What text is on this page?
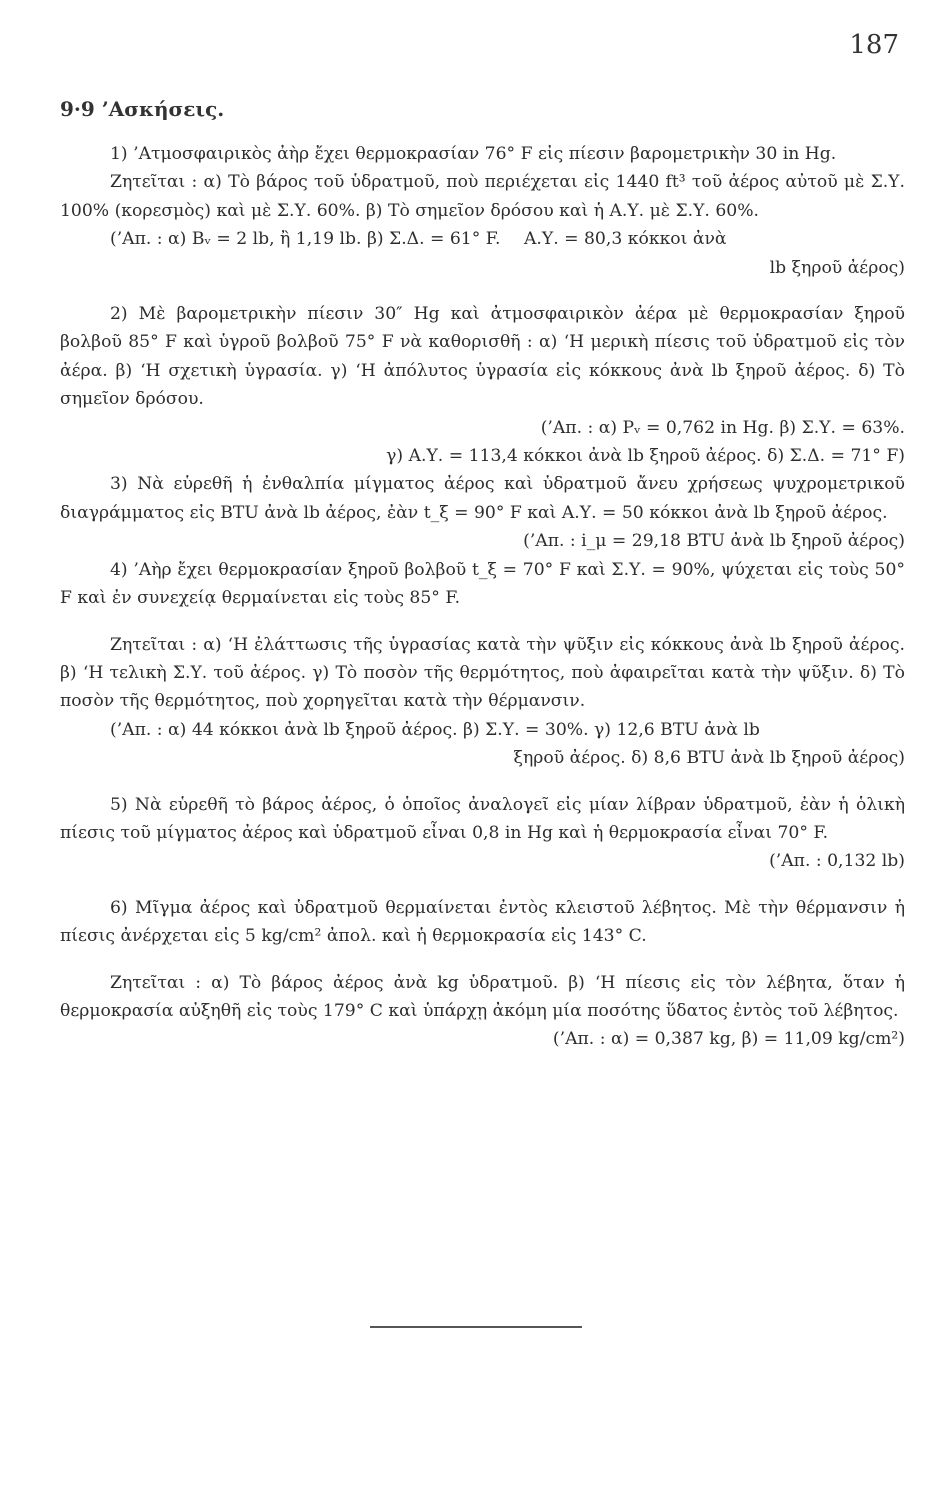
187
9·9 ’Ασκήσεις.

1) ’Ατμοσφαιρικὸς ἀὴρ ἔχει θερμοκρασίαν 76° F εἰς πίεσιν βαρομετρικὴν 30 in Hg.

Ζητεῖται : α) Τὸ βάρος τοῦ ὑδρατμοῦ, ποὺ περιέχεται εἰς 1440 ft³ τοῦ ἀέρος αὐτοῦ μὲ Σ.Υ. 100% (κορεσμὸς) καὶ μὲ Σ.Υ. 60%. β) Τὸ σημεῖον δρόσου καὶ ἡ Α.Υ. μὲ Σ.Υ. 60%.

(’Απ. : α) Bᵥ = 2 lb, ἢ 1,19 lb. β) Σ.Δ. = 61° F. Α.Υ. = 80,3 κόκκοι ἀνὰ

lb ξηροῦ ἀέρος)

2) Μὲ βαρομετρικὴν πίεσιν 30″ Hg καὶ ἀτμοσφαιρικὸν ἀέρα μὲ θερμοκρασίαν ξηροῦ βολβοῦ 85° F καὶ ὑγροῦ βολβοῦ 75° F νὰ καθορισθῆ : α) ‘Η μερικὴ πίεσις τοῦ ὑδρατμοῦ εἰς τὸν ἀέρα. β) ‘Η σχετικὴ ὑγρασία. γ) ‘Η ἀπόλυτος ὑγρασία εἰς κόκκους ἀνὰ lb ξηροῦ ἀέρος. δ) Τὸ σημεῖον δρόσου.

(’Απ. : α) Pᵥ = 0,762 in Hg. β) Σ.Υ. = 63%.

γ) Α.Υ. = 113,4 κόκκοι ἀνὰ lb ξηροῦ ἀέρος. δ) Σ.Δ. = 71° F)

3) Νὰ εὑρεθῆ ἡ ἐνθαλπία μίγματος ἀέρος καὶ ὑδρατμοῦ ἄνευ χρήσεως ψυχρομετρικοῦ διαγράμματος εἰς BTU ἀνὰ lb ἀέρος, ἐὰν t_ξ = 90° F καὶ Α.Υ. = 50 κόκκοι ἀνὰ lb ξηροῦ ἀέρος.

(’Απ. : i_μ = 29,18 BTU ἀνὰ lb ξηροῦ ἀέρος)

4) ’Αὴρ ἔχει θερμοκρασίαν ξηροῦ βολβοῦ t_ξ = 70° F καὶ Σ.Υ. = 90%, ψύχεται εἰς τοὺς 50° F καὶ ἐν συνεχείᾳ θερμαίνεται εἰς τοὺς 85° F.

Ζητεῖται : α) ‘Η ἐλάττωσις τῆς ὑγρασίας κατὰ τὴν ψῦξιν εἰς κόκκους ἀνὰ lb ξηροῦ ἀέρος. β) ‘Η τελικὴ Σ.Υ. τοῦ ἀέρος. γ) Τὸ ποσὸν τῆς θερμότητος, ποὺ ἀφαιρεῖται κατὰ τὴν ψῦξιν. δ) Τὸ ποσὸν τῆς θερμότητος, ποὺ χορηγεῖται κατὰ τὴν θέρμανσιν.

(’Απ. : α) 44 κόκκοι ἀνὰ lb ξηροῦ ἀέρος. β) Σ.Υ. = 30%. γ) 12,6 BTU ἀνὰ lb

ξηροῦ ἀέρος. δ) 8,6 BTU ἀνὰ lb ξηροῦ ἀέρος)

5) Νὰ εὑρεθῆ τὸ βάρος ἀέρος, ὁ ὁποῖος ἀναλογεῖ εἰς μίαν λίβραν ὑδρατμοῦ, ἐὰν ἡ ὁλικὴ πίεσις τοῦ μίγματος ἀέρος καὶ ὑδρατμοῦ εἶναι 0,8 in Hg καὶ ἡ θερμοκρασία εἶναι 70° F.

(’Απ. : 0,132 lb)

6) Μῖγμα ἀέρος καὶ ὑδρατμοῦ θερμαίνεται ἐντὸς κλειστοῦ λέβητος. Μὲ τὴν θέρμανσιν ἡ πίεσις ἀνέρχεται εἰς 5 kg/cm² ἀπολ. καὶ ἡ θερμοκρασία εἰς 143° C.

Ζητεῖται : α) Τὸ βάρος ἀέρος ἀνὰ kg ὑδρατμοῦ. β) ‘Η πίεσις εἰς τὸν λέβητα, ὅταν ἡ θερμοκρασία αὐξηθῆ εἰς τοὺς 179° C καὶ ὑπάρχῃ ἀκόμη μία ποσότης ὕδατος ἐντὸς τοῦ λέβητος.

(’Απ. : α) = 0,387 kg, β) = 11,09 kg/cm²)
